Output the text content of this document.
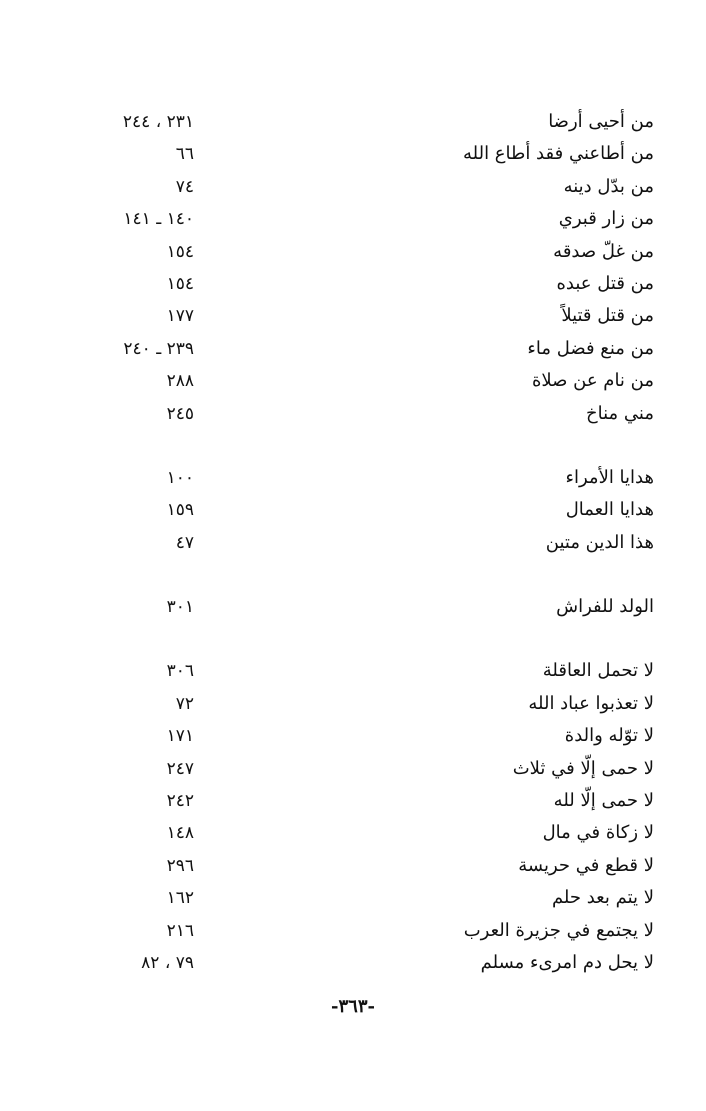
من أحيى أرضا
٢٣١ ، ٢٤٤
من أطاعني فقد أطاع الله
٦٦
من بدّل دينه
٧٤
من زار قبري
١٤٠ ـ ١٤١
من غلّ صدقه
١٥٤
من قتل عبده
١٥٤
من قتل قتيلاً
١٧٧
من منع فضل ماء
٢٣٩ ـ ٢٤٠
من نام عن صلاة
٢٨٨
مني مناخ
٢٤٥
هدايا الأمراء
١٠٠
هدايا العمال
١٥٩
هذا الدين متين
٤٧
الولد للفراش
٣٠١
لا تحمل العاقلة
٣٠٦
لا تعذبوا عباد الله
٧٢
لا توّله والدة
١٧١
لا حمى إلّا في ثلاث
٢٤٧
لا حمى إلّا لله
٢٤٢
لا زكاة في مال
١٤٨
لا قطع في حريسة
٢٩٦
لا يتم بعد حلم
١٦٢
لا يجتمع في جزيرة العرب
٢١٦
لا يحل دم امرىء مسلم
٧٩ ، ٨٢
-٣٦٣-
